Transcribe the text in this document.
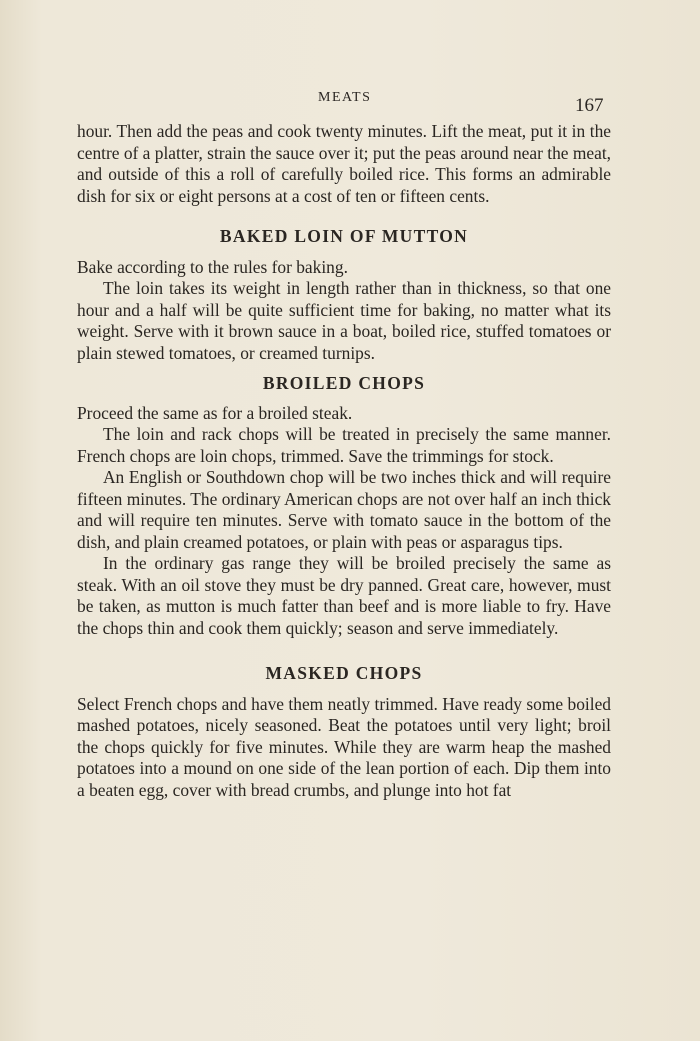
MEATS	167

hour. Then add the peas and cook twenty minutes. Lift the meat, put it in the centre of a platter, strain the sauce over it; put the peas around near the meat, and outside of this a roll of carefully boiled rice. This forms an admirable dish for six or eight persons at a cost of ten or fifteen cents.

BAKED LOIN OF MUTTON

Bake according to the rules for baking.

The loin takes its weight in length rather than in thickness, so that one hour and a half will be quite sufficient time for baking, no matter what its weight. Serve with it brown sauce in a boat, boiled rice, stuffed tomatoes or plain stewed tomatoes, or creamed turnips.

BROILED CHOPS

Proceed the same as for a broiled steak.

The loin and rack chops will be treated in precisely the same manner. French chops are loin chops, trimmed. Save the trimmings for stock.

An English or Southdown chop will be two inches thick and will require fifteen minutes. The ordinary American chops are not over half an inch thick and will require ten minutes. Serve with tomato sauce in the bottom of the dish, and plain creamed potatoes, or plain with peas or asparagus tips.

In the ordinary gas range they will be broiled precisely the same as steak. With an oil stove they must be dry panned. Great care, however, must be taken, as mutton is much fatter than beef and is more liable to fry. Have the chops thin and cook them quickly; season and serve immediately.

MASKED CHOPS

Select French chops and have them neatly trimmed. Have ready some boiled mashed potatoes, nicely seasoned. Beat the potatoes until very light; broil the chops quickly for five minutes. While they are warm heap the mashed potatoes into a mound on one side of the lean portion of each. Dip them into a beaten egg, cover with bread crumbs, and plunge into hot fat
